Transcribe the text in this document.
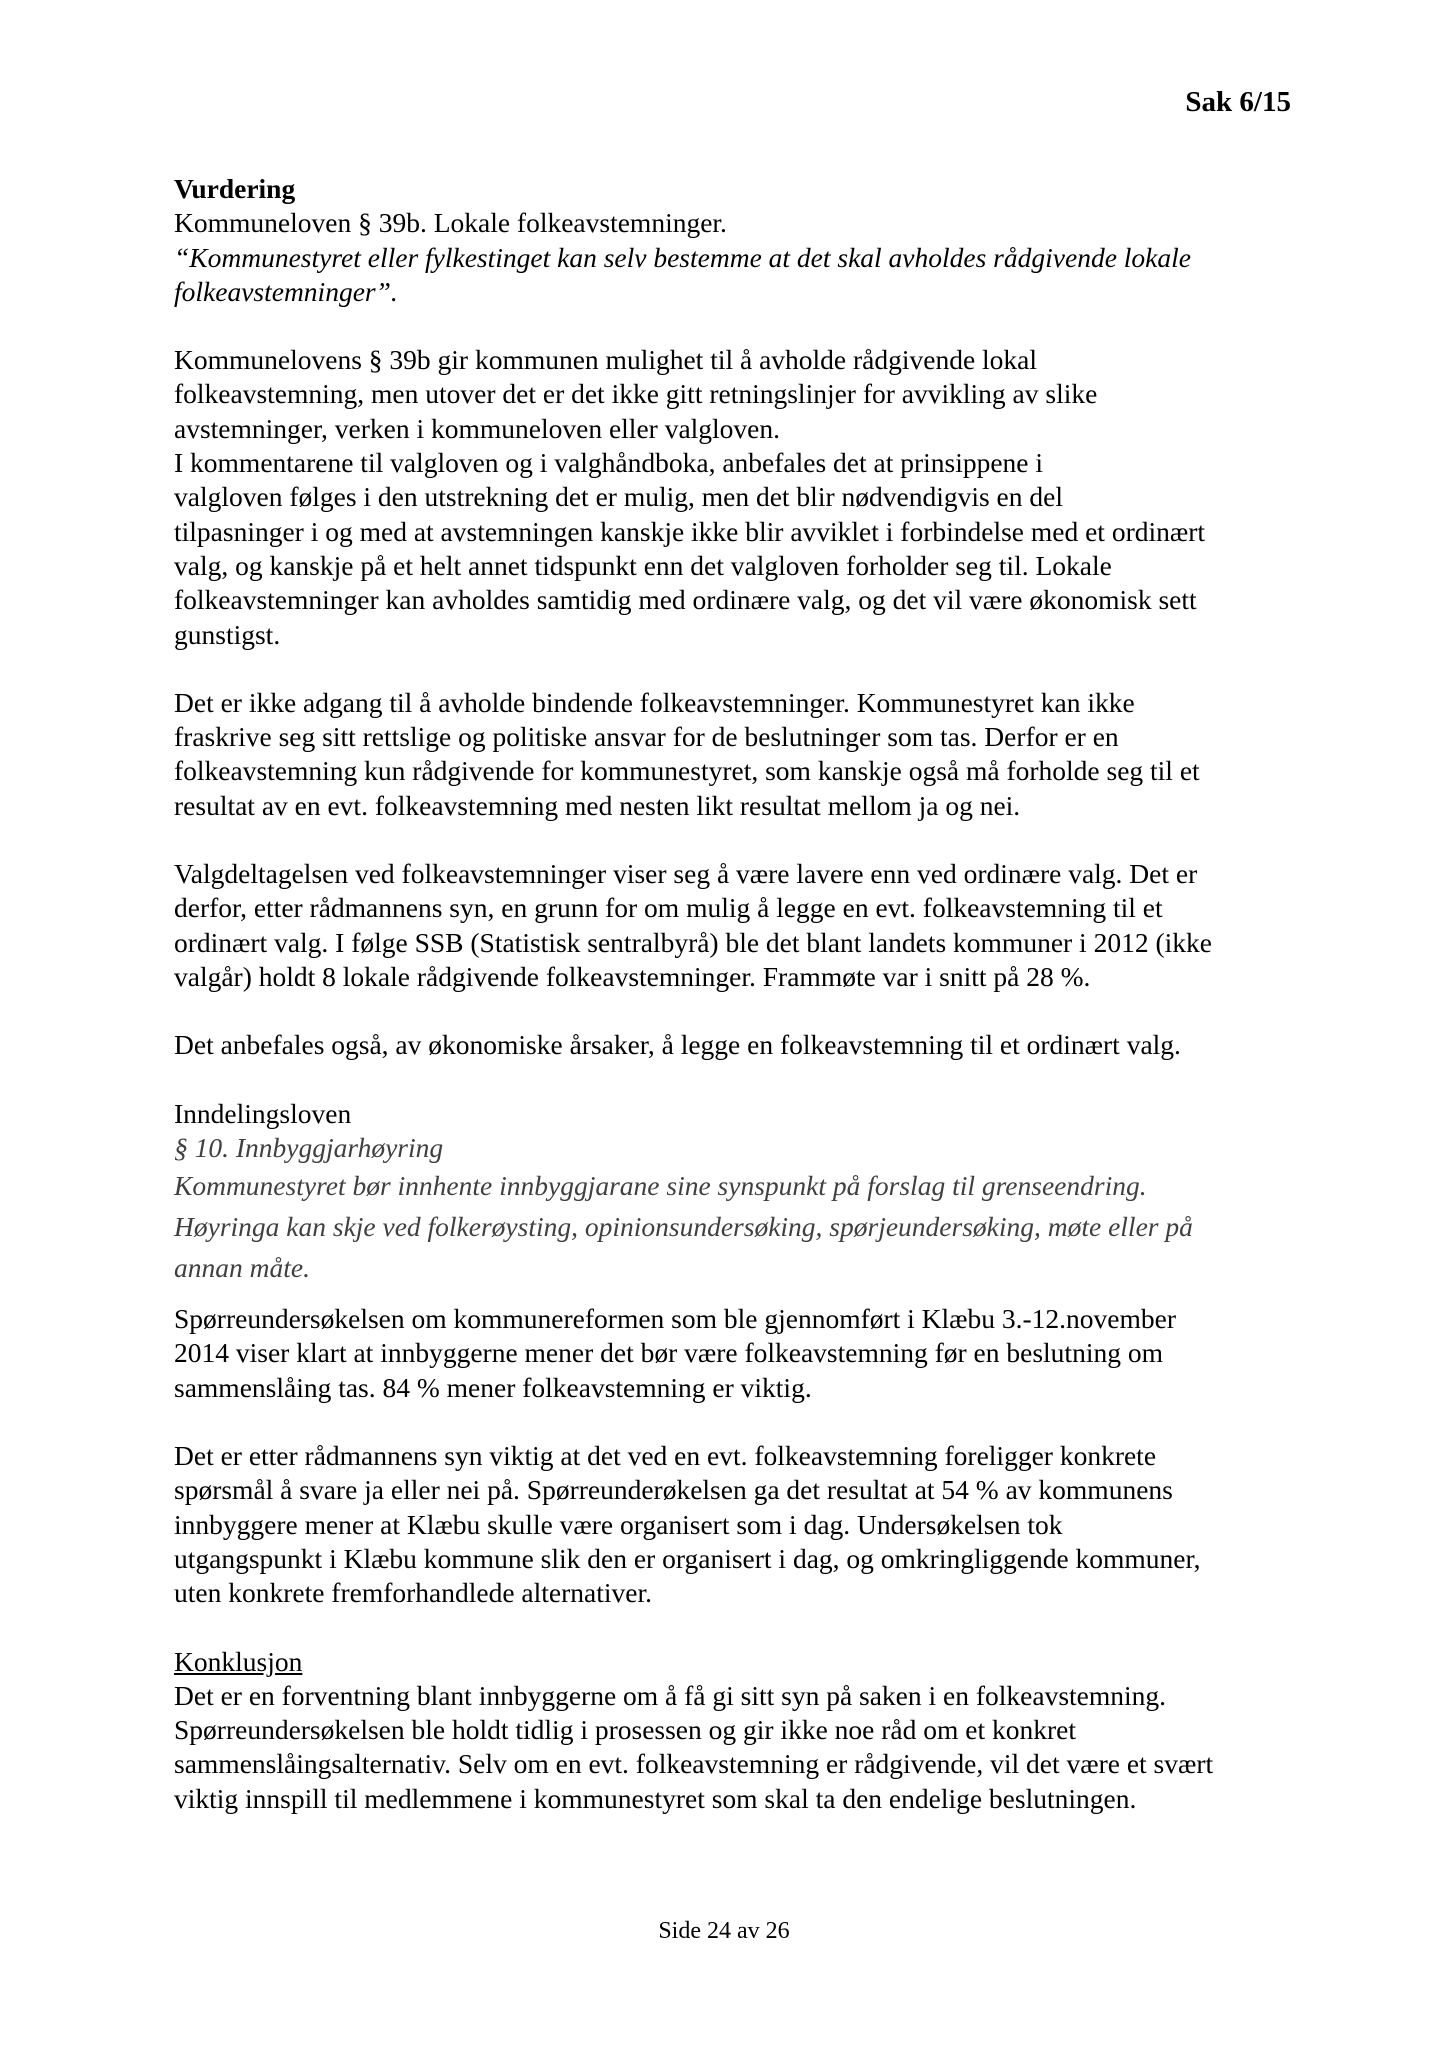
Sak 6/15
Vurdering
Kommuneloven § 39b. Lokale folkeavstemninger.

“Kommunestyret eller fylkestinget kan selv bestemme at det skal avholdes rådgivende lokale
folkeavstemninger”.

Kommunelovens § 39b gir kommunen mulighet til å avholde rådgivende lokal
folkeavstemning, men utover det er det ikke gitt retningslinjer for avvikling av slike
avstemninger, verken i kommuneloven eller valgloven.
I kommentarene til valgloven og i valghåndboka, anbefales det at prinsippene i
valgloven følges i den utstrekning det er mulig, men det blir nødvendigvis en del
tilpasninger i og med at avstemningen kanskje ikke blir avviklet i forbindelse med et ordinært
valg, og kanskje på et helt annet tidspunkt enn det valgloven forholder seg til. Lokale
folkeavstemninger kan avholdes samtidig med ordinære valg, og det vil være økonomisk sett
gunstigst.

Det er ikke adgang til å avholde bindende folkeavstemninger. Kommunestyret kan ikke
fraskrive seg sitt rettslige og politiske ansvar for de beslutninger som tas. Derfor er en
folkeavstemning kun rådgivende for kommunestyret, som kanskje også må forholde seg til et
resultat av en evt. folkeavstemning med nesten likt resultat mellom ja og nei.

Valgdeltagelsen ved folkeavstemninger viser seg å være lavere enn ved ordinære valg. Det er
derfor, etter rådmannens syn, en grunn for om mulig å legge en evt. folkeavstemning til et
ordinært valg. I følge SSB (Statistisk sentralbyrå) ble det blant landets kommuner i 2012 (ikke
valgår) holdt 8 lokale rådgivende folkeavstemninger. Frammøte var i snitt på 28 %.

Det anbefales også, av økonomiske årsaker, å legge en folkeavstemning til et ordinært valg.

Inndelingsloven
§ 10. Innbyggjarhøyring

Kommunestyret bør innhente innbyggjarane sine synspunkt på forslag til grenseendring.
Høyringa kan skje ved folkerøysting, opinionsundersøking, spørjeundersøking, møte eller på
annan måte.

Spørreundersøkelsen om kommunereformen som ble gjennomført i Klæbu 3.-12.november
2014 viser klart at innbyggerne mener det bør være folkeavstemning før en beslutning om
sammenslåing tas. 84 % mener folkeavstemning er viktig.

Det er etter rådmannens syn viktig at det ved en evt. folkeavstemning foreligger konkrete
spørsmål å svare ja eller nei på. Spørreunderøkelsen ga det resultat at 54 % av kommunens
innbyggere mener at Klæbu skulle være organisert som i dag. Undersøkelsen tok
utgangspunkt i Klæbu kommune slik den er organisert i dag, og omkringliggende kommuner,
uten konkrete fremforhandlede alternativer.

Konklusjon
Det er en forventning blant innbyggerne om å få gi sitt syn på saken i en folkeavstemning.
Spørreundersøkelsen ble holdt tidlig i prosessen og gir ikke noe råd om et konkret
sammenslåingsalternativ. Selv om en evt. folkeavstemning er rådgivende, vil det være et svært
viktig innspill til medlemmene i kommunestyret som skal ta den endelige beslutningen.
Side 24 av 26
